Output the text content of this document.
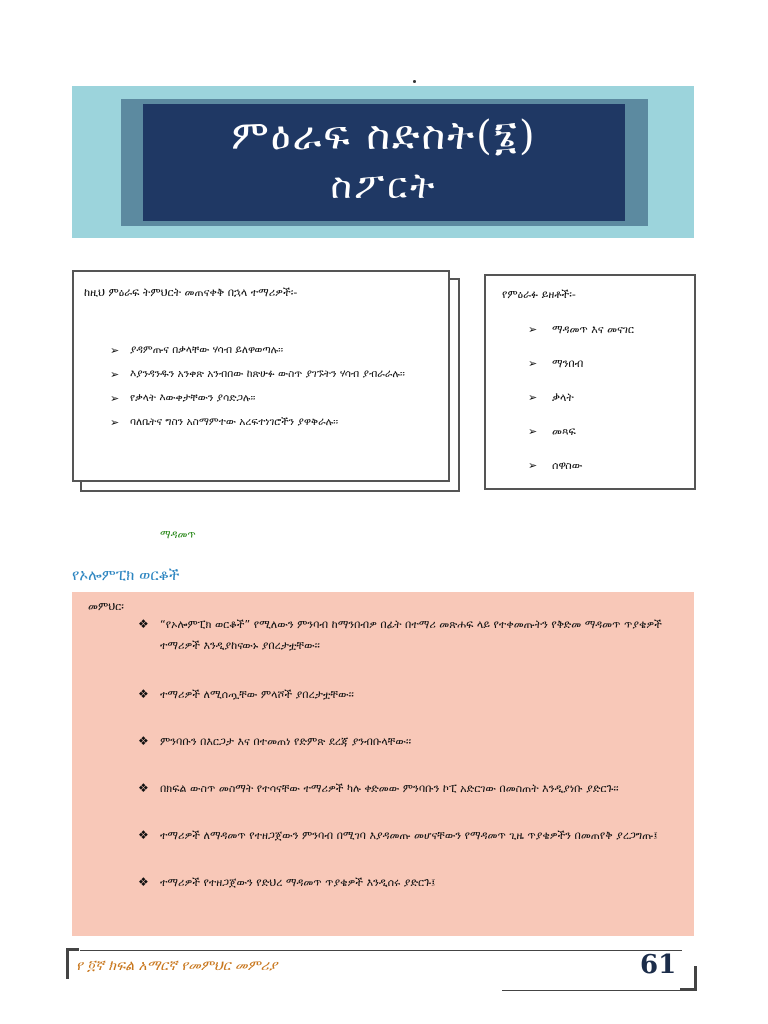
ምዕራፍ ስድስት(፮)
ስፖርት
ከዚህ ምዕራፍ ትምህርት መጠናቀቅ በኋላ ተማሪዎች፡-
➢ ያዳምጡና በቃላቸው ሃሳብ ይለዋወጣሉ፡፡
➢ እያንዳንዱን አንቀጽ አንብበው ከጽሁፉ ውስጥ ያገኙትን ሃሳብ ያብራራሉ፡፡
➢ የቃላት እውቀታቸውን ያሳድጋሉ፡፡
➢ ባለቤትና ግስን አስማምተው አረፍተነገሮችን ያዋቅራሉ፡፡
የምዕራፉ ይዘቶች፡-
➢ ማዳመጥ እና መናገር
➢ ማንበብ
➢ ቃላት
➢ መጻፍ
➢ ሰዋስው
ማዳመጥ
የኦሎምፒክ ወርቆች
መምህር፡
❖ “የኦሎምፒክ ወርቆች” የሚለውን ምንባብ ከማንበብዎ በፊት በተማሪ መጽሐፍ ላይ የተቀመጡትን የቅድመ ማዳመጥ ጥያቄዎች ተማሪዎች እንዲያከናውኑ ያበረታቷቸው፡፡
❖ ተማሪዎች ለሚሰጧቸው ምላሾች ያበረታቷቸው፡፡
❖ ምንባቡን በእርጋታ እና በተመጠነ የድምጽ ደረጃ ያንብቡላቸው፡፡
❖ በክፍል ውስጥ መስማት የተሳናቸው ተማሪዎች ካሉ ቀድመው ምንባቡን ኮፒ አድርገው በመስጠት እንዲያነቡ ያድርጉ፡፡
❖ ተማሪዎች ለማዳመጥ የተዘጋጀውን ምንባብ በሚገባ እያዳመጡ መሆናቸውን የማዳመጥ ጊዜ ጥያቄዎችን በመጠየቅ ያረጋግጡ፤
❖ ተማሪዎች የተዘጋጀውን የድህረ ማዳመጥ ጥያቄዎች እንዲሰሩ ያድርጉ፤
የ ፬ኛ ክፍል አማርኛ የመምህር መምሪያ	61
